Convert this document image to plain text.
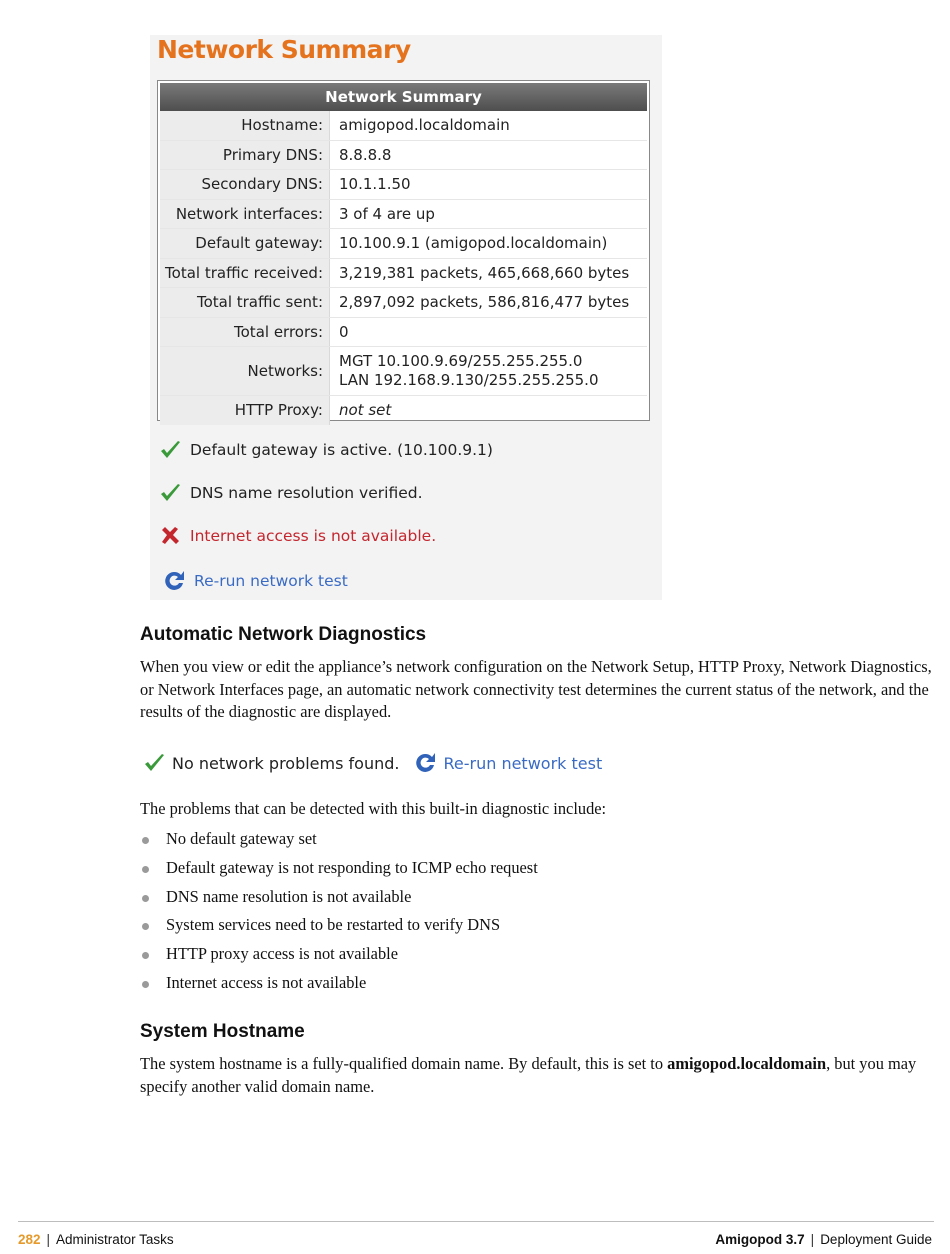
Network Summary
Network Summary
Hostname:	amigopod.localdomain
Primary DNS:	8.8.8.8
Secondary DNS:	10.1.1.50
Network interfaces:	3 of 4 are up
Default gateway:	10.100.9.1 (amigopod.localdomain)
Total traffic received:	3,219,381 packets, 465,668,660 bytes
Total traffic sent:	2,897,092 packets, 586,816,477 bytes
Total errors:	0
Networks:
MGT 10.100.9.69/255.255.255.0
LAN 192.168.9.130/255.255.255.0
HTTP Proxy:	not set
Default gateway is active. (10.100.9.1)
DNS name resolution verified.
Internet access is not available.
Re-run network test
Automatic Network Diagnostics
When you view or edit the appliance’s network configuration on the Network Setup, HTTP Proxy, Network Diagnostics, or Network Interfaces page, an automatic network connectivity test determines the current status of the network, and the results of the diagnostic are displayed.
No network problems found.	Re-run network test
The problems that can be detected with this built-in diagnostic include:
No default gateway set
Default gateway is not responding to ICMP echo request
DNS name resolution is not available
System services need to be restarted to verify DNS
HTTP proxy access is not available
Internet access is not available
System Hostname
The system hostname is a fully-qualified domain name. By default, this is set to amigopod.localdomain, but you may specify another valid domain name.
282 | Administrator Tasks	Amigopod 3.7 | Deployment Guide
